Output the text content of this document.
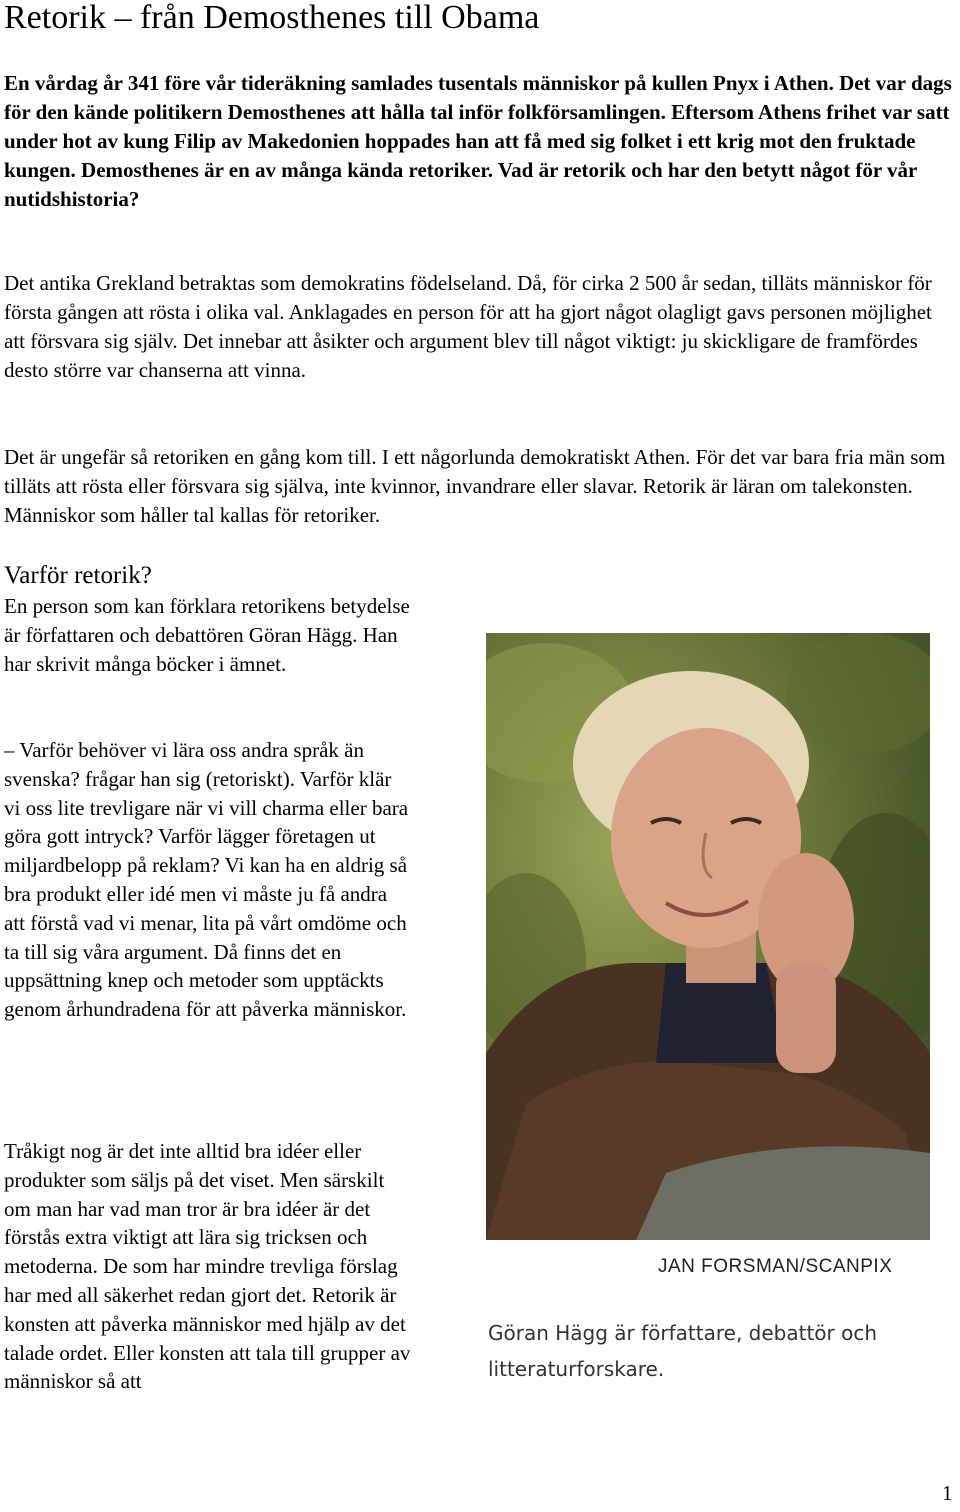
Retorik – från Demosthenes till Obama

En vårdag år 341 före vår tideräkning samlades tusentals människor på kullen Pnyx i Athen. Det var dags för den kände politikern Demosthenes att hålla tal inför folkförsamlingen. Eftersom Athens frihet var satt under hot av kung Filip av Makedonien hoppades han att få med sig folket i ett krig mot den fruktade kungen. Demosthenes är en av många kända retoriker. Vad är retorik och har den betytt något för vår nutidshistoria?

Det antika Grekland betraktas som demokratins födelseland. Då, för cirka 2 500 år sedan, tilläts människor för första gången att rösta i olika val. Anklagades en person för att ha gjort något olagligt gavs personen möjlighet att försvara sig själv. Det innebar att åsikter och argument blev till något viktigt: ju skickligare de framfördes desto större var chanserna att vinna.

Det är ungefär så retoriken en gång kom till. I ett någorlunda demokratiskt Athen. För det var bara fria män som tilläts att rösta eller försvara sig själva, inte kvinnor, invandrare eller slavar. Retorik är läran om talekonsten. Människor som håller tal kallas för retoriker.

Varför retorik?

En person som kan förklara retorikens betydelse är författaren och debattören Göran Hägg. Han har skrivit många böcker i ämnet.

– Varför behöver vi lära oss andra språk än svenska? frågar han sig (retoriskt). Varför klär vi oss lite trevligare när vi vill charma eller bara göra gott intryck? Varför lägger företagen ut miljardbelopp på reklam? Vi kan ha en aldrig så bra produkt eller idé men vi måste ju få andra att förstå vad vi menar, lita på vårt omdöme och ta till sig våra argument. Då finns det en uppsättning knep och metoder som upptäckts genom århundradena för att påverka människor.

Tråkigt nog är det inte alltid bra idéer eller produkter som säljs på det viset. Men särskilt om man har vad man tror är bra idéer är det förstås extra viktigt att lära sig tricksen och metoderna. De som har mindre trevliga förslag har med all säkerhet redan gjort det. Retorik är konsten att påverka människor med hjälp av det talade ordet. Eller konsten att tala till grupper av människor så att

JAN FORSMAN/SCANPIX

Göran Hägg är författare, debattör och litteraturforskare.

1
